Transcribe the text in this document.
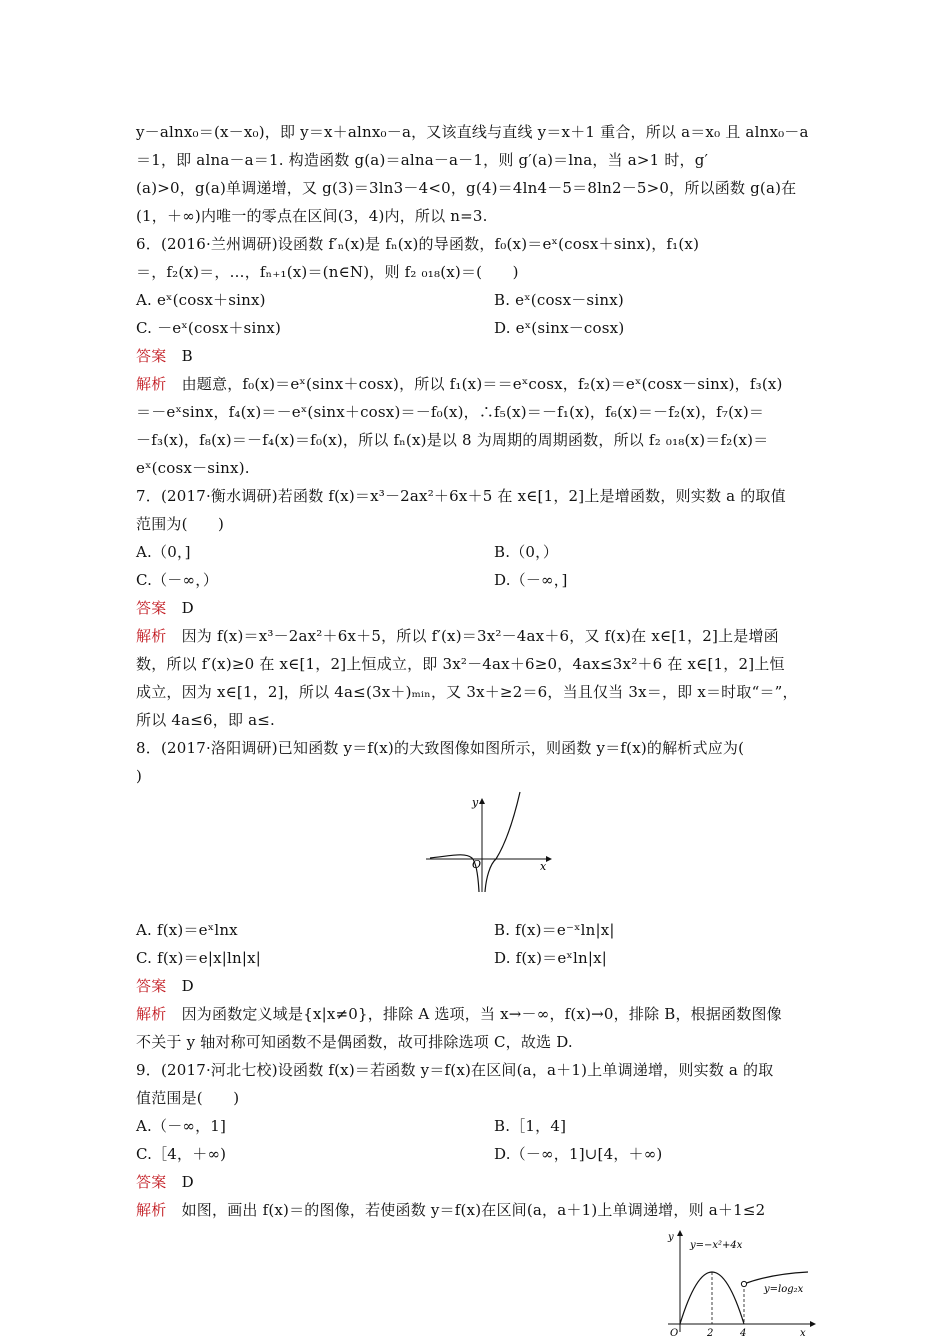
y－alnx₀＝(x－x₀)，即 y＝x＋alnx₀－a，又该直线与直线 y＝x＋1 重合，所以 a＝x₀ 且 alnx₀－a
＝1，即 alna－a＝1. 构造函数 g(a)＝alna－a－1，则 g′(a)＝lna，当 a>1 时，g′
(a)>0，g(a)单调递增，又 g(3)＝3ln3－4<0，g(4)＝4ln4－5＝8ln2－5>0，所以函数 g(a)在
(1，＋∞)内唯一的零点在区间(3，4)内，所以 n=3.
6．(2016·兰州调研)设函数 f′ₙ(x)是 fₙ(x)的导函数，f₀(x)＝eˣ(cosx＋sinx)，f₁(x)
＝，f₂(x)＝，…，fₙ₊₁(x)＝(n∈N)，则 f₂ ₀₁₈(x)＝(　　)
A. eˣ(cosx＋sinx)	B. eˣ(cosx－sinx)
C. －eˣ(cosx＋sinx)	D. eˣ(sinx－cosx)
答案　 B
解析　 由题意，f₀(x)＝eˣ(sinx＋cosx)，所以 f₁(x)＝＝eˣcosx，f₂(x)＝eˣ(cosx－sinx)，f₃(x)
＝－eˣsinx，f₄(x)＝－eˣ(sinx＋cosx)＝－f₀(x)，∴f₅(x)＝－f₁(x)，f₆(x)＝－f₂(x)，f₇(x)＝
－f₃(x)，f₈(x)＝－f₄(x)＝f₀(x)，所以 fₙ(x)是以 8 为周期的周期函数，所以 f₂ ₀₁₈(x)＝f₂(x)＝
eˣ(cosx－sinx).
7．(2017·衡水调研)若函数 f(x)＝x³－2ax²＋6x＋5 在 x∈[1，2]上是增函数，则实数 a 的取值
范围为(　　)
A.（0，]	B.（0，）
C.（－∞，）	D.（－∞，]
答案　 D
解析　 因为 f(x)＝x³－2ax²＋6x＋5，所以 f′(x)＝3x²－4ax＋6，又 f(x)在 x∈[1，2]上是增函
数，所以 f′(x)≥0 在 x∈[1，2]上恒成立，即 3x²－4ax＋6≥0，4ax≤3x²＋6 在 x∈[1，2]上恒
成立，因为 x∈[1，2]，所以 4a≤(3x＋)ₘᵢₙ，又 3x＋≥2＝6，当且仅当 3x＝，即 x＝时取“＝”，
所以 4a≤6，即 a≤.
8．(2017·洛阳调研)已知函数 y＝f(x)的大致图像如图所示，则函数 y＝f(x)的解析式应为(
)
x
y
O
A. f(x)＝eˣlnx	B. f(x)＝e⁻ˣln|x|
C. f(x)＝e|x|ln|x|	D. f(x)＝eˣln|x|
答案　 D
解析　 因为函数定义域是{x|x≠0}，排除 A 选项，当 x→－∞，f(x)→0，排除 B，根据函数图像
不关于 y 轴对称可知函数不是偶函数，故可排除选项 C，故选 D.
9．(2017·河北七校)设函数 f(x)＝若函数 y＝f(x)在区间(a，a＋1)上单调递增，则实数 a 的取
值范围是(　　)
A.（－∞，1]	B.［1，4]
C.［4，＋∞)	D.（－∞，1]∪[4，＋∞)
答案　 D
解析　 如图，画出 f(x)＝的图像，若使函数 y＝f(x)在区间(a，a＋1)上单调递增，则 a＋1≤2
y
x
O	2	4
y=−x²+4x
y=log₂x
